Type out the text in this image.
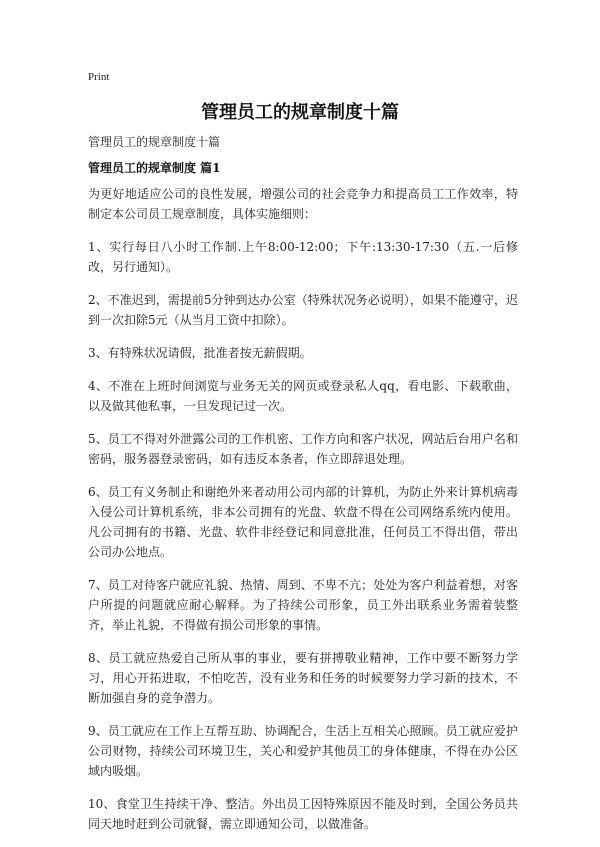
Print
管理员工的规章制度十篇
管理员工的规章制度十篇
管理员工的规章制度 篇1

为更好地适应公司的良性发展，增强公司的社会竞争力和提高员工工作效率，特制定本公司员工规章制度，具体实施细则：

1、实行每日八小时工作制.上午8:00-12:00；下午:13:30-17:30（五.一后修改，另行通知）。

2、不准迟到，需提前5分钟到达办公室（特殊状况务必说明），如果不能遵守，迟到一次扣除5元（从当月工资中扣除）。

3、有特殊状况请假，批准者按无薪假期。

4、不准在上班时间浏览与业务无关的网页或登录私人qq，看电影、下载歌曲，以及做其他私事，一旦发现记过一次。

5、员工不得对外泄露公司的工作机密、工作方向和客户状况，网站后台用户名和密码，服务器登录密码，如有违反本条者，作立即辞退处理。

6、员工有义务制止和谢绝外来者动用公司内部的计算机，为防止外来计算机病毒入侵公司计算机系统，非本公司拥有的光盘、软盘不得在公司网络系统内使用。凡公司拥有的书籍、光盘、软件非经登记和同意批准，任何员工不得出借，带出公司办公地点。

7、员工对待客户就应礼貌、热情、周到、不卑不亢；处处为客户利益着想，对客户所提的问题就应耐心解释。为了持续公司形象，员工外出联系业务需着装整齐，举止礼貌，不得做有损公司形象的事情。

8、员工就应热爱自己所从事的事业，要有拼搏敬业精神，工作中要不断努力学习，用心开拓进取，不怕吃苦，没有业务和任务的时候要努力学习新的技术，不断加强自身的竞争潜力。

9、员工就应在工作上互帮互助、协调配合，生活上互相关心照顾。员工就应爱护公司财物，持续公司环境卫生，关心和爱护其他员工的身体健康，不得在办公区域内吸烟。

10、食堂卫生持续干净、整洁。外出员工因特殊原因不能及时到，全国公务员共同天地时赶到公司就餐，需立即通知公司，以做准备。
